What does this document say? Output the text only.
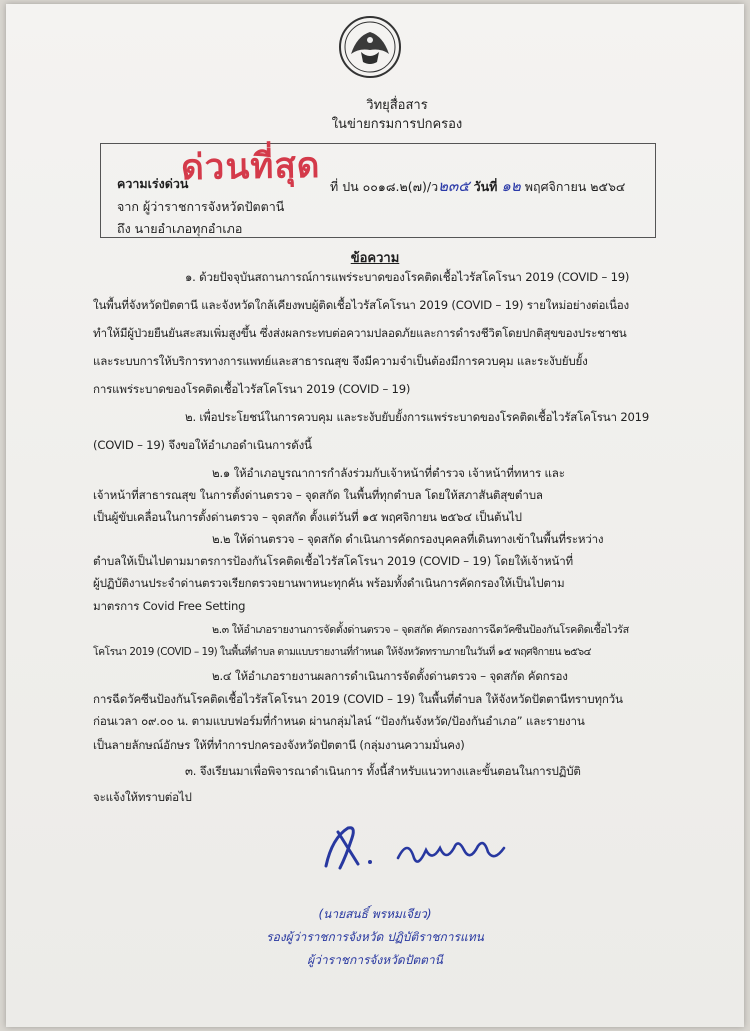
วิทยุสื่อสาร
ในข่ายกรมการปกครอง
ความเร่งด่วน
ด่วนที่สุด
จาก ผู้ว่าราชการจังหวัดปัตตานี
ถึง นายอำเภอทุกอำเภอ
ที่ ปน ๐๐๑๘.๒(๗)/ว๒๓๕ วันที่ ๑๒ พฤศจิกายน ๒๕๖๔
ข้อความ
๑. ด้วยปัจจุบันสถานการณ์การแพร่ระบาดของโรคติดเชื้อไวรัสโคโรนา 2019 (COVID – 19)
ในพื้นที่จังหวัดปัตตานี และจังหวัดใกล้เคียงพบผู้ติดเชื้อไวรัสโคโรนา 2019 (COVID – 19) รายใหม่อย่างต่อเนื่อง
ทำให้มีผู้ป่วยยืนยันสะสมเพิ่มสูงขึ้น ซึ่งส่งผลกระทบต่อความปลอดภัยและการดำรงชีวิตโดยปกติสุขของประชาชน
และระบบการให้บริการทางการแพทย์และสาธารณสุข จึงมีความจำเป็นต้องมีการควบคุม และระงับยับยั้ง
การแพร่ระบาดของโรคติดเชื้อไวรัสโคโรนา 2019 (COVID – 19)
๒. เพื่อประโยชน์ในการควบคุม และระงับยับยั้งการแพร่ระบาดของโรคติดเชื้อไวรัสโคโรนา 2019
(COVID – 19) จึงขอให้อำเภอดำเนินการดังนี้
๒.๑ ให้อำเภอบูรณาการกำลังร่วมกับเจ้าหน้าที่ตำรวจ เจ้าหน้าที่ทหาร และ
เจ้าหน้าที่สาธารณสุข ในการตั้งด่านตรวจ – จุดสกัด ในพื้นที่ทุกตำบล โดยให้สภาสันติสุขตำบล
เป็นผู้ขับเคลื่อนในการตั้งด่านตรวจ – จุดสกัด ตั้งแต่วันที่ ๑๕ พฤศจิกายน ๒๕๖๔ เป็นต้นไป
๒.๒ ให้ด่านตรวจ – จุดสกัด ดำเนินการคัดกรองบุคคลที่เดินทางเข้าในพื้นที่ระหว่าง
ตำบลให้เป็นไปตามมาตรการป้องกันโรคติดเชื้อไวรัสโคโรนา 2019 (COVID – 19) โดยให้เจ้าหน้าที่
ผู้ปฏิบัติงานประจำด่านตรวจเรียกตรวจยานพาหนะทุกคัน พร้อมทั้งดำเนินการคัดกรองให้เป็นไปตาม
มาตรการ Covid Free Setting
๒.๓ ให้อำเภอรายงานการจัดตั้งด่านตรวจ – จุดสกัด คัดกรองการฉีดวัคซีนป้องกันโรคติดเชื้อไวรัส
โคโรนา 2019 (COVID – 19) ในพื้นที่ตำบล ตามแบบรายงานที่กำหนด ให้จังหวัดทราบภายในวันที่ ๑๕ พฤศจิกายน ๒๕๖๔
๒.๔ ให้อำเภอรายงานผลการดำเนินการจัดตั้งด่านตรวจ – จุดสกัด คัดกรอง
การฉีดวัคซีนป้องกันโรคติดเชื้อไวรัสโคโรนา 2019 (COVID – 19) ในพื้นที่ตำบล ให้จังหวัดปัตตานีทราบทุกวัน
ก่อนเวลา ๐๙.๐๐ น. ตามแบบฟอร์มที่กำหนด ผ่านกลุ่มไลน์ “ป้องกันจังหวัด/ป้องกันอำเภอ” และรายงาน
เป็นลายลักษณ์อักษร ให้ที่ทำการปกครองจังหวัดปัตตานี (กลุ่มงานความมั่นคง)
๓. จึงเรียนมาเพื่อพิจารณาดำเนินการ ทั้งนี้สำหรับแนวทางและขั้นตอนในการปฏิบัติ
จะแจ้งให้ทราบต่อไป
(นายสนธิ์ พรหมเจียว)
รองผู้ว่าราชการจังหวัด ปฏิบัติราชการแทน
ผู้ว่าราชการจังหวัดปัตตานี
